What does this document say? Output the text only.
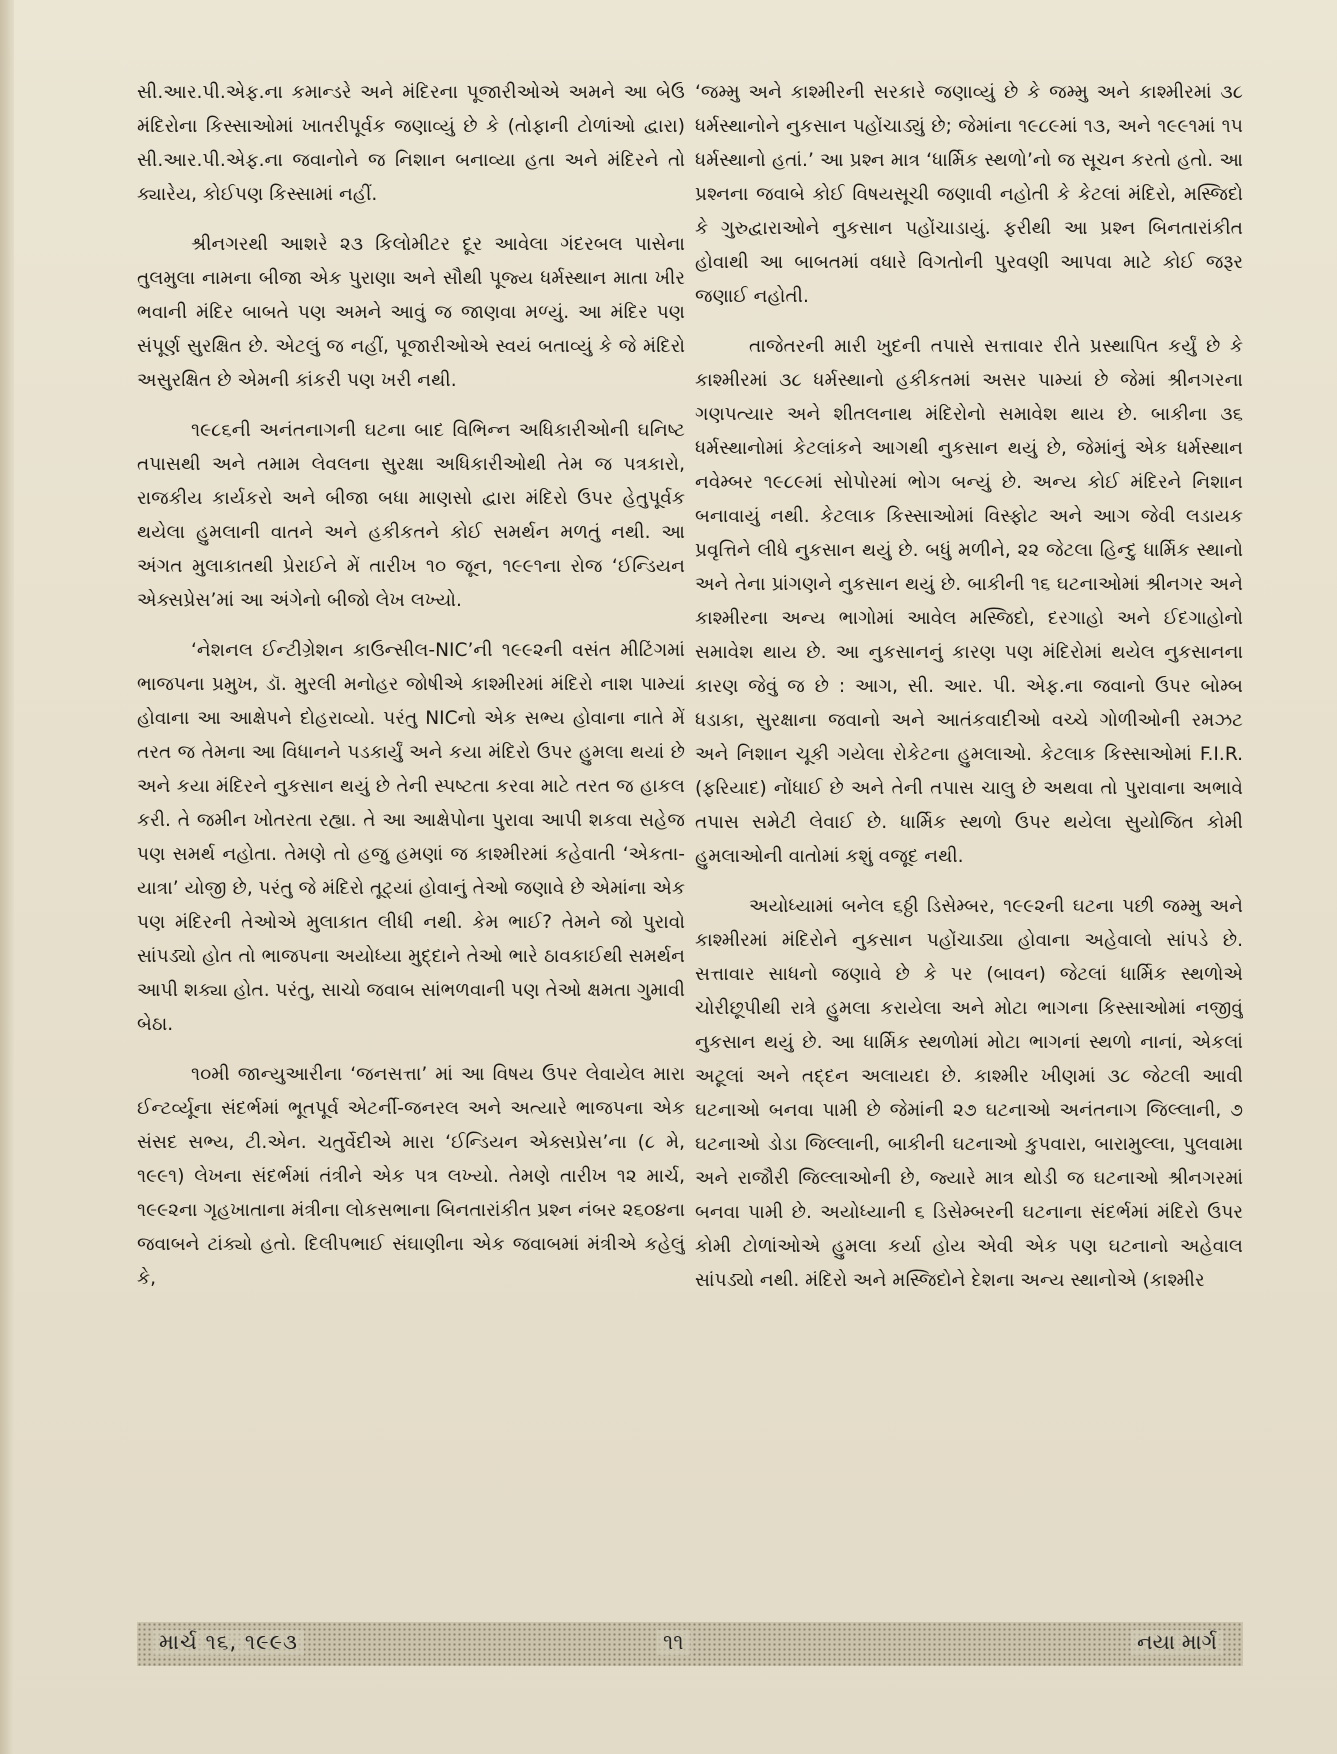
સી.આર.પી.એફ.ના કમાન્ડરે અને મંદિરના પૂજારીઓએ અમને આ બેઉ મંદિરોના કિસ્સાઓમાં ખાતરીપૂર્વક જણાવ્યું છે કે (તોફાની ટોળાંઓ દ્વારા) સી.આર.પી.એફ.ના જવાનોને જ નિશાન બનાવ્યા હતા અને મંદિરને તો ક્યારેય, કોઈપણ કિસ્સામાં નહીં.

શ્રીનગરથી આશરે ૨૩ કિલોમીટર દૂર આવેલા ગંદરબલ પાસેના તુલમુલા નામના બીજા એક પુરાણા અને સૌથી પૂજ્ય ધર્મસ્થાન માતા ખીર ભવાની મંદિર બાબતે પણ અમને આવું જ જાણવા મળ્યું. આ મંદિર પણ સંપૂર્ણ સુરક્ષિત છે. એટલું જ નહીં, પૂજારીઓએ સ્વયં બતાવ્યું કે જે મંદિરો અસુરક્ષિત છે એમની કાંકરી પણ ખરી નથી.

૧૯૮૬ની અનંતનાગની ઘટના બાદ વિભિન્ન અધિકારીઓની ઘનિષ્ટ તપાસથી અને તમામ લેવલના સુરક્ષા અધિકારીઓથી તેમ જ પત્રકારો, રાજકીય કાર્યકરો અને બીજા બધા માણસો દ્વારા મંદિરો ઉપર હેતુપૂર્વક થયેલા હુમલાની વાતને અને હકીકતને કોઈ સમર્થન મળતું નથી. આ અંગત મુલાકાતથી પ્રેરાઈને મેં તારીખ ૧૦ જૂન, ૧૯૯૧ના રોજ ‘ઈન્ડિયન એક્સપ્રેસ’માં આ અંગેનો બીજો લેખ લખ્યો.

‘નેશનલ ઈન્ટીગ્રેશન કાઉન્સીલ-NIC’ની ૧૯૯૨ની વસંત મીટિંગમાં ભાજપના પ્રમુખ, ડૉ. મુરલી મનોહર જોષીએ કાશ્મીરમાં મંદિરો નાશ પામ્યાં હોવાના આ આક્ષેપને દોહરાવ્યો. પરંતુ NICનો એક સભ્ય હોવાના નાતે મેં તરત જ તેમના આ વિધાનને પડકાર્યું અને કયા મંદિરો ઉપર હુમલા થયાં છે અને કયા મંદિરને નુકસાન થયું છે તેની સ્પષ્ટતા કરવા માટે તરત જ હાકલ કરી. તે જમીન ખોતરતા રહ્યા. તે આ આક્ષેપોના પુરાવા આપી શકવા સહેજ પણ સમર્થ નહોતા. તેમણે તો હજુ હમણાં જ કાશ્મીરમાં કહેવાતી ‘એકતા-યાત્રા’ યોજી છે, પરંતુ જે મંદિરો તૂટ્યાં હોવાનું તેઓ જણાવે છે એમાંના એક પણ મંદિરની તેઓએ મુલાકાત લીધી નથી. કેમ ભાઈ? તેમને જો પુરાવો સાંપડ્યો હોત તો ભાજપના અયોધ્યા મુદ્દાને તેઓ ભારે ઠાવકાઈથી સમર્થન આપી શક્યા હોત. પરંતુ, સાચો જવાબ સાંભળવાની પણ તેઓ ક્ષમતા ગુમાવી બેઠા.

૧૦મી જાન્યુઆરીના ‘જનસત્તા’ માં આ વિષય ઉપર લેવાયેલ મારા ઈન્ટર્વ્યૂના સંદર્ભમાં ભૂતપૂર્વ એટર્ની-જનરલ અને અત્યારે ભાજપના એક સંસદ સભ્ય, ટી.એન. ચતુર્વેદીએ મારા ‘ઈન્ડિયન એક્સપ્રેસ’ના (૮ મે, ૧૯૯૧) લેખના સંદર્ભમાં તંત્રીને એક પત્ર લખ્યો. તેમણે તારીખ ૧૨ માર્ચ, ૧૯૯૨ના ગૃહખાતાના મંત્રીના લોકસભાના બિનતારાંકીત પ્રશ્ન નંબર ૨૬૦૪ના જવાબને ટાંક્યો હતો. દિલીપભાઈ સંઘાણીના એક જવાબમાં મંત્રીએ કહેલું કે,

‘જમ્મુ અને કાશ્મીરની સરકારે જણાવ્યું છે કે જમ્મુ અને કાશ્મીરમાં ૩૮ ધર્મસ્થાનોને નુકસાન પહોંચાડ્યું છે; જેમાંના ૧૯૮૯માં ૧૩, અને ૧૯૯૧માં ૧૫ ધર્મસ્થાનો હતાં.’ આ પ્રશ્ન માત્ર ‘ધાર્મિક સ્થળો’નો જ સૂચન કરતો હતો. આ પ્રશ્નના જવાબે કોઈ વિષયસૂચી જણાવી નહોતી કે કેટલાં મંદિરો, મસ્જિદો કે ગુરુદ્વારાઓને નુકસાન પહોંચાડાયું. ફરીથી આ પ્રશ્ન બિનતારાંકીત હોવાથી આ બાબતમાં વધારે વિગતોની પુરવણી આપવા માટે કોઈ જરૂર જણાઈ નહોતી.

તાજેતરની મારી ખુદની તપાસે સત્તાવાર રીતે પ્રસ્થાપિત કર્યું છે કે કાશ્મીરમાં ૩૮ ધર્મસ્થાનો હકીકતમાં અસર પામ્યાં છે જેમાં શ્રીનગરના ગણપત્યાર અને શીતલનાથ મંદિરોનો સમાવેશ થાય છે. બાકીના ૩૬ ધર્મસ્થાનોમાં કેટલાંકને આગથી નુકસાન થયું છે, જેમાંનું એક ધર્મસ્થાન નવેમ્બર ૧૯૮૯માં સોપોરમાં ભોગ બન્યું છે. અન્ય કોઈ મંદિરને નિશાન બનાવાયું નથી. કેટલાક કિસ્સાઓમાં વિસ્ફોટ અને આગ જેવી લડાયક પ્રવૃત્તિને લીધે નુકસાન થયું છે. બધું મળીને, ૨૨ જેટલા હિન્દુ ધાર્મિક સ્થાનો અને તેના પ્રાંગણને નુકસાન થયું છે. બાકીની ૧૬ ઘટનાઓમાં શ્રીનગર અને કાશ્મીરના અન્ય ભાગોમાં આવેલ મસ્જિદો, દરગાહો અને ઈદગાહોનો સમાવેશ થાય છે. આ નુકસાનનું કારણ પણ મંદિરોમાં થયેલ નુકસાનના કારણ જેવું જ છે : આગ, સી. આર. પી. એફ.ના જવાનો ઉપર બોમ્બ ધડાકા, સુરક્ષાના જવાનો અને આતંકવાદીઓ વચ્ચે ગોળીઓની રમઝટ અને નિશાન ચૂકી ગયેલા રોકેટના હુમલાઓ. કેટલાક કિસ્સાઓમાં F.I.R. (ફરિયાદ) નોંધાઈ છે અને તેની તપાસ ચાલુ છે અથવા તો પુરાવાના અભાવે તપાસ સમેટી લેવાઈ છે. ધાર્મિક સ્થળો ઉપર થયેલા સુયોજિત કોમી હુમલાઓની વાતોમાં કશું વજૂદ નથી.

અયોધ્યામાં બનેલ ૬ઠ્ઠી ડિસેમ્બર, ૧૯૯૨ની ઘટના પછી જમ્મુ અને કાશ્મીરમાં મંદિરોને નુકસાન પહોંચાડ્યા હોવાના અહેવાલો સાંપડે છે. સત્તાવાર સાધનો જણાવે છે કે પર (બાવન) જેટલાં ધાર્મિક સ્થળોએ ચોરીછૂપીથી રાત્રે હુમલા કરાયેલા અને મોટા ભાગના કિસ્સાઓમાં નજીવું નુકસાન થયું છે. આ ધાર્મિક સ્થળોમાં મોટા ભાગનાં સ્થળો નાનાં, એકલાં અટૂલાં અને તદ્દન અલાયદા છે. કાશ્મીર ખીણમાં ૩૮ જેટલી આવી ઘટનાઓ બનવા પામી છે જેમાંની ૨૭ ઘટનાઓ અનંતનાગ જિલ્લાની, ૭ ઘટનાઓ ડોડા જિલ્લાની, બાકીની ઘટનાઓ કુપવારા, બારામુલ્લા, પુલવામા અને રાજૌરી જિલ્લાઓની છે, જ્યારે માત્ર થોડી જ ઘટનાઓ શ્રીનગરમાં બનવા પામી છે. અયોધ્યાની ૬ ડિસેમ્બરની ઘટનાના સંદર્ભમાં મંદિરો ઉપર કોમી ટોળાંઓએ હુમલા કર્યા હોય એવી એક પણ ઘટનાનો અહેવાલ સાંપડ્યો નથી. મંદિરો અને મસ્જિદોને દેશના અન્ય સ્થાનોએ (કાશ્મીર

માર્ચ ૧૬, ૧૯૯૩	૧૧	નયા માર્ગ
